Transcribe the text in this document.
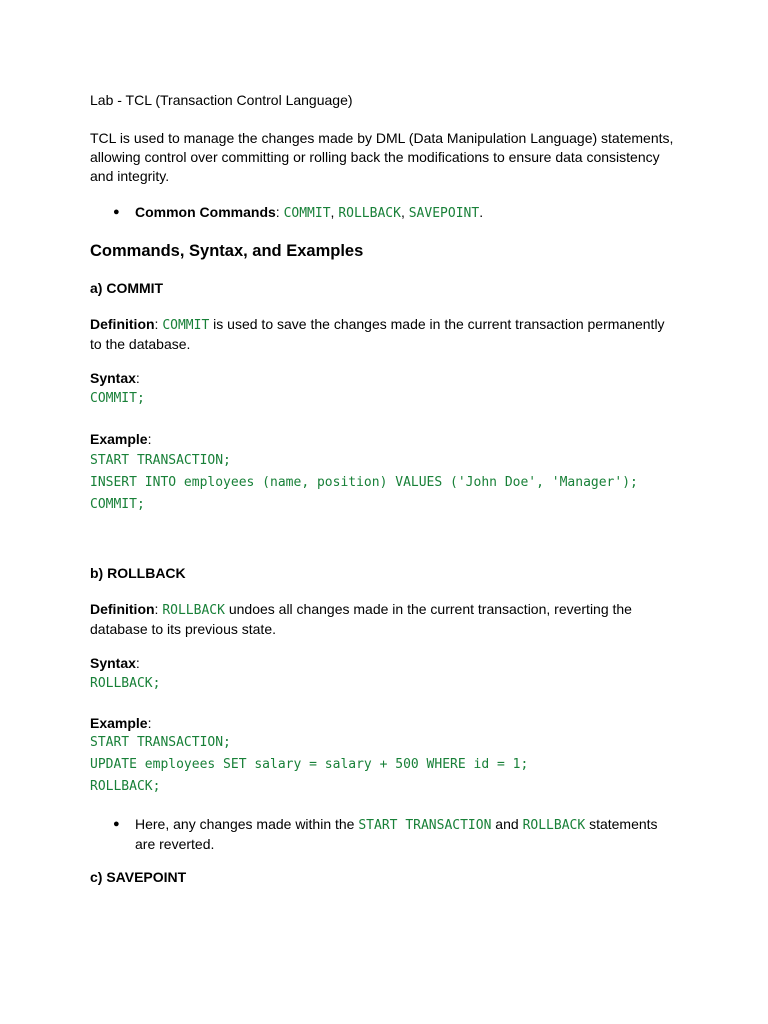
Lab - TCL (Transaction Control Language)
TCL is used to manage the changes made by DML (Data Manipulation Language) statements, allowing control over committing or rolling back the modifications to ensure data consistency and integrity.
● Common Commands: COMMIT, ROLLBACK, SAVEPOINT.
Commands, Syntax, and Examples
a) COMMIT
Definition: COMMIT is used to save the changes made in the current transaction permanently to the database.
Syntax:
COMMIT;
Example:
START TRANSACTION;
INSERT INTO employees (name, position) VALUES ('John Doe', 'Manager');
COMMIT;
b) ROLLBACK
Definition: ROLLBACK undoes all changes made in the current transaction, reverting the database to its previous state.
Syntax:
ROLLBACK;
Example:
START TRANSACTION;
UPDATE employees SET salary = salary + 500 WHERE id = 1;
ROLLBACK;
● Here, any changes made within the START TRANSACTION and ROLLBACK statements are reverted.
c) SAVEPOINT
